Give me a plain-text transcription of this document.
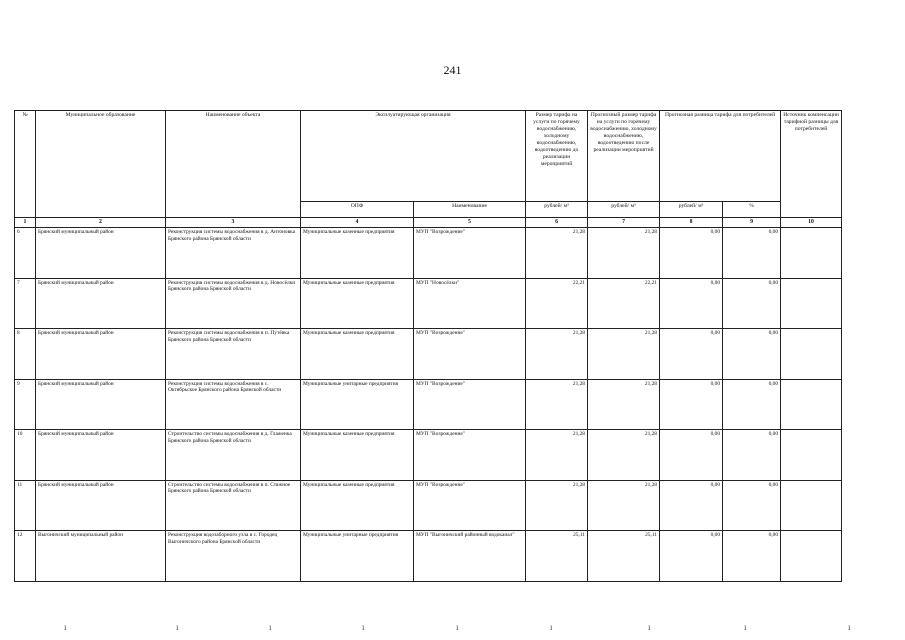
241
№	Муниципальное образование	Наименование объекта	Эксплуатирующая организация		Размер тарифа на услуги по горячему водоснабжению, холодному водоснабжению, водоотведению до реализации мероприятий	Прогнозный размер тарифа на услуги по горячему водоснабжению, холодному водоснабжению, водоотведению после реализации мероприятий	Прогнозная разница тарифа для потребителей		Источник компенсации тарифной разницы для потребителей
			ОПФ	Наименование	рублей/ м³	рублей/ м³	рублей/ м³	%	
1	2	3	4	5	6	7	8	9	10
6	Брянский муниципальный район	Реконструкция системы водоснабжения в д. Антоновка Брянского района Брянской области	Муниципальные казенные предприятия	МУП "Возрождение"	21,28	21,28	0,00	0,00	
7	Брянский муниципальный район	Реконструкция системы водоснабжения в д. Новосёлки Брянского района Брянской области	Муниципальные казенные предприятия	МУП "Новосёлки"	22,21	22,21	0,00	0,00	
8	Брянский муниципальный район	Реконструкция системы водоснабжения в п. Путёвка Брянского района Брянской области	Муниципальные казенные предприятия	МУП "Возрождение"	21,28	21,28	0,00	0,00	
9	Брянский муниципальный район	Реконструкция системы водоснабжения в с. Октябрьское Брянского района Брянской области	Муниципальные унитарные предприятия	МУП "Возрождение"	21,28	21,28	0,00	0,00	
10	Брянский муниципальный район	Строительство системы водоснабжения в д. Глаженка Брянского района Брянской области	Муниципальные казенные предприятия	МУП "Возрождение"	21,28	21,28	0,00	0,00	
11	Брянский муниципальный район	Строительство системы водоснабжения в п. Стяжное Брянского района Брянской области	Муниципальные казенные предприятия	МУП "Возрождение"	21,28	21,28	0,00	0,00	
12	Выгоничский муниципальный район	Реконструкция водозаборного узла в с. Городец Выгоничского района Брянской области	Муниципальные унитарные предприятия	МУП "Выгоничский районный водоканал"	25,11	25,11	0,00	0,00	
ı	ı	ı	ı	ı	ı	ı	ı	ı
